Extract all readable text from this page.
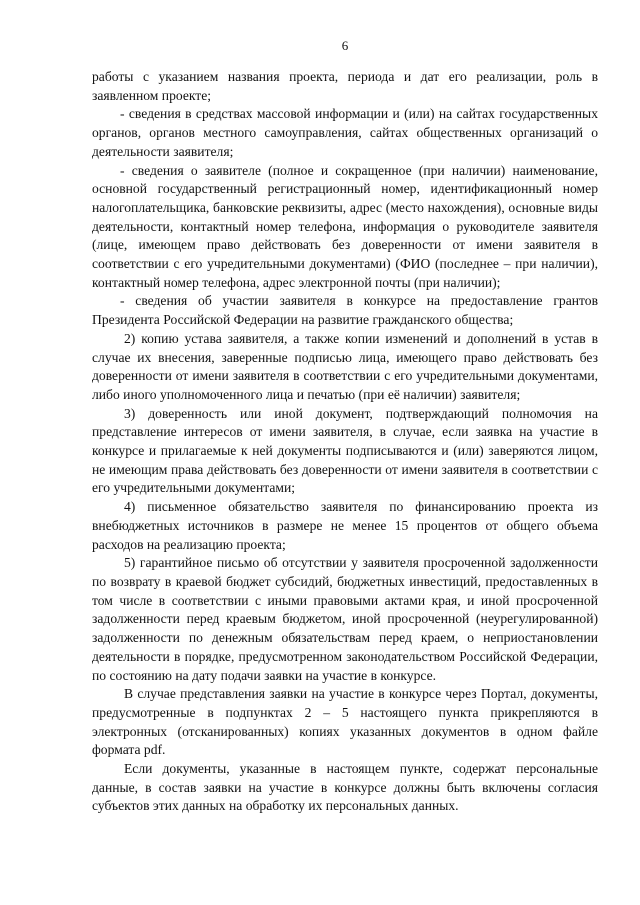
6

работы с указанием названия проекта, периода и дат его реализации, роль в заявленном проекте;

- сведения в средствах массовой информации и (или) на сайтах государственных органов, органов местного самоуправления, сайтах общественных организаций о деятельности заявителя;

- сведения о заявителе (полное и сокращенное (при наличии) наименование, основной государственный регистрационный номер, идентификационный номер налогоплательщика, банковские реквизиты, адрес (место нахождения), основные виды деятельности, контактный номер телефона, информация о руководителе заявителя (лице, имеющем право действовать без доверенности от имени заявителя в соответствии с его учредительными документами) (ФИО (последнее – при наличии), контактный номер телефона, адрес электронной почты (при наличии);

- сведения об участии заявителя в конкурсе на предоставление грантов Президента Российской Федерации на развитие гражданского общества;

2) копию устава заявителя, а также копии изменений и дополнений в устав в случае их внесения, заверенные подписью лица, имеющего право действовать без доверенности от имени заявителя в соответствии с его учредительными документами, либо иного уполномоченного лица и печатью (при её наличии) заявителя;

3) доверенность или иной документ, подтверждающий полномочия на представление интересов от имени заявителя, в случае, если заявка на участие в конкурсе и прилагаемые к ней документы подписываются и (или) заверяются лицом, не имеющим права действовать без доверенности от имени заявителя в соответствии с его учредительными документами;

4) письменное обязательство заявителя по финансированию проекта из внебюджетных источников в размере не менее 15 процентов от общего объема расходов на реализацию проекта;

5) гарантийное письмо об отсутствии у заявителя просроченной задолженности по возврату в краевой бюджет субсидий, бюджетных инвестиций, предоставленных в том числе в соответствии с иными правовыми актами края, и иной просроченной задолженности перед краевым бюджетом, иной просроченной (неурегулированной) задолженности по денежным обязательствам перед краем, о неприостановлении деятельности в порядке, предусмотренном законодательством Российской Федерации, по состоянию на дату подачи заявки на участие в конкурсе.

В случае представления заявки на участие в конкурсе через Портал, документы, предусмотренные в подпунктах 2 – 5 настоящего пункта прикрепляются в электронных (отсканированных) копиях указанных документов в одном файле формата pdf.

Если документы, указанные в настоящем пункте, содержат персональные данные, в состав заявки на участие в конкурсе должны быть включены согласия субъектов этих данных на обработку их персональных данных.
